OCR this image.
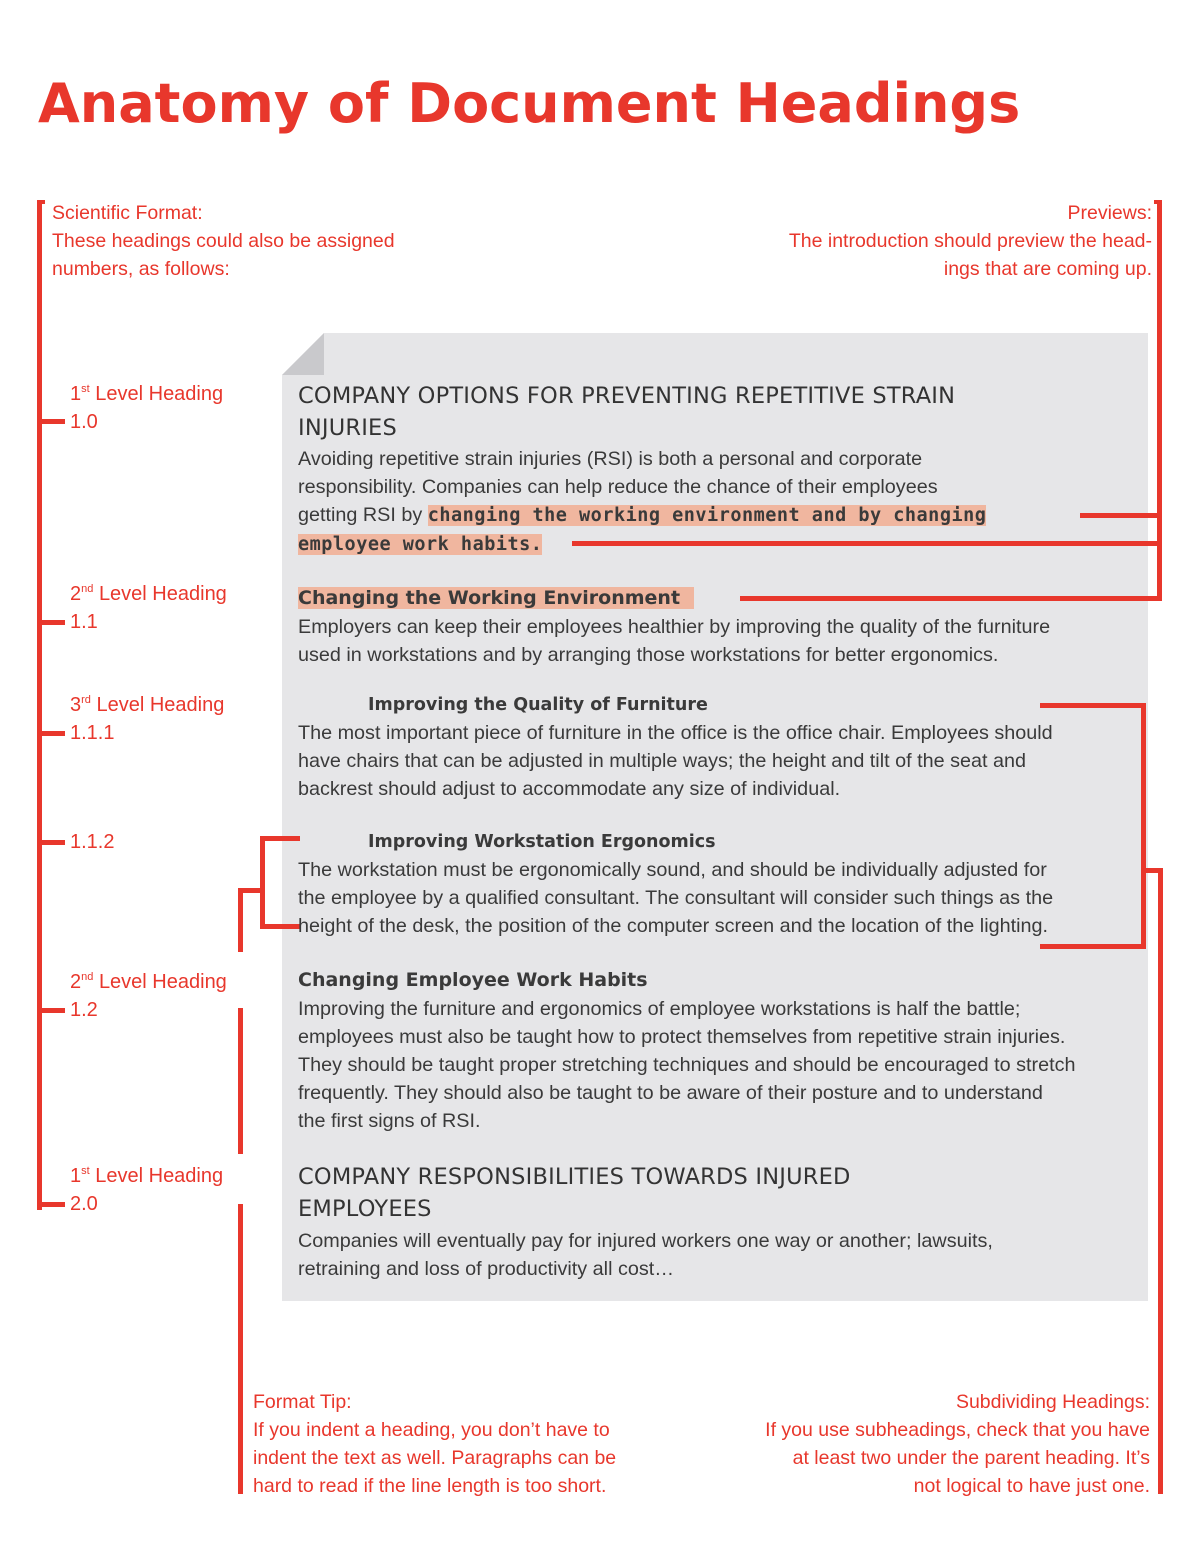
Anatomy of Document Headings
Scientific Format:
These headings could also be assigned
numbers, as follows:
Previews:
The introduction should preview the head-
ings that are coming up.
Format Tip:
If you indent a heading, you don’t have to
indent the text as well. Paragraphs can be
hard to read if the line length is too short.
Subdividing Headings:
If you use subheadings, check that you have
at least two under the parent heading. It’s
not logical to have just one.
1st Level Heading
1.0
2nd Level Heading
1.1
3rd Level Heading
1.1.1
1.1.2
2nd Level Heading
1.2
1st Level Heading
2.0
COMPANY OPTIONS FOR PREVENTING REPETITIVE STRAIN
INJURIES
Avoiding repetitive strain injuries (RSI) is both a personal and corporate
responsibility. Companies can help reduce the chance of their employees
getting RSI by changing the working environment and by changing
employee work habits.
Changing the Working Environment
Employers can keep their employees healthier by improving the quality of the furniture
used in workstations and by arranging those workstations for better ergonomics.
Improving the Quality of Furniture
The most important piece of furniture in the office is the office chair. Employees should
have chairs that can be adjusted in multiple ways; the height and tilt of the seat and
backrest should adjust to accommodate any size of individual.
Improving Workstation Ergonomics
The workstation must be ergonomically sound, and should be individually adjusted for
the employee by a qualified consultant. The consultant will consider such things as the
height of the desk, the position of the computer screen and the location of the lighting.
Changing Employee Work Habits
Improving the furniture and ergonomics of employee workstations is half the battle;
employees must also be taught how to protect themselves from repetitive strain injuries.
They should be taught proper stretching techniques and should be encouraged to stretch
frequently. They should also be taught to be aware of their posture and to understand
the first signs of RSI.
COMPANY RESPONSIBILITIES TOWARDS INJURED
EMPLOYEES
Companies will eventually pay for injured workers one way or another; lawsuits,
retraining and loss of productivity all cost…
